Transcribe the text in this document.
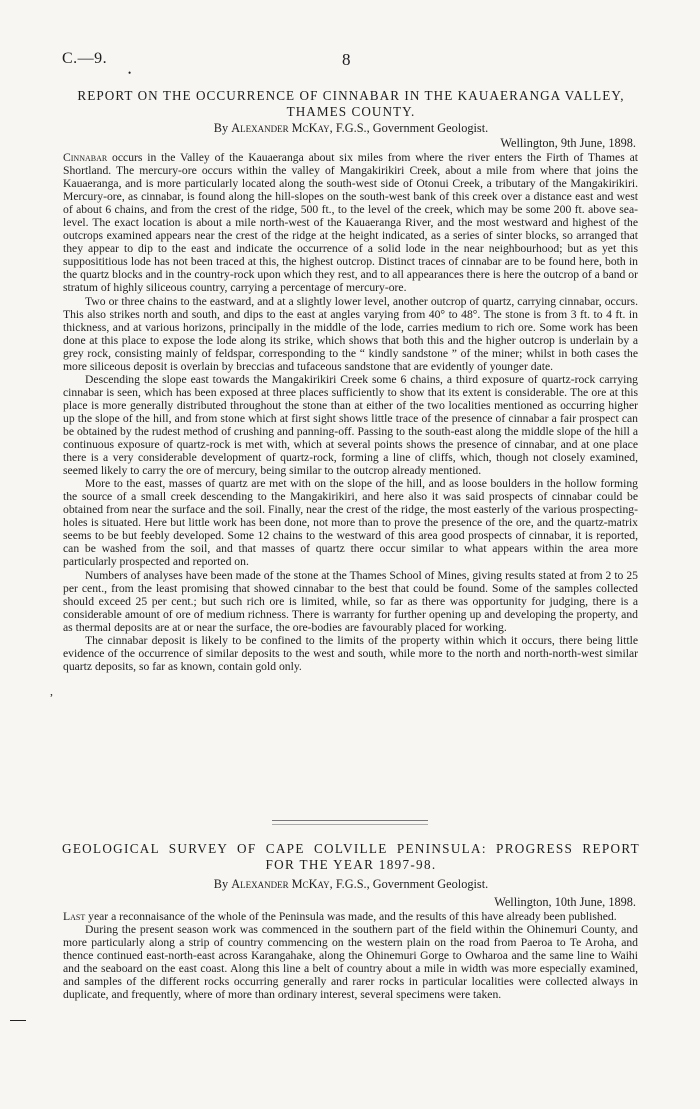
C.—9.	8
•
REPORT ON THE OCCURRENCE OF CINNABAR IN THE KAUAERANGA VALLEY, THAMES COUNTY.
By Alexander McKay, F.G.S., Government Geologist.
Wellington, 9th June, 1898.

Cinnabar occurs in the Valley of the Kauaeranga about six miles from where the river enters the Firth of Thames at Shortland. The mercury-ore occurs within the valley of Mangakirikiri Creek, about a mile from where that joins the Kauaeranga, and is more particularly located along the south-west side of Otonui Creek, a tributary of the Mangakirikiri. Mercury-ore, as cinnabar, is found along the hill-slopes on the south-west bank of this creek over a distance east and west of about 6 chains, and from the crest of the ridge, 500 ft., to the level of the creek, which may be some 200 ft. above sea-level. The exact location is about a mile north-west of the Kauaeranga River, and the most westward and highest of the outcrops examined appears near the crest of the ridge at the height indicated, as a series of sinter blocks, so arranged that they appear to dip to the east and indicate the occurrence of a solid lode in the near neighbourhood; but as yet this supposititious lode has not been traced at this, the highest outcrop. Distinct traces of cinnabar are to be found here, both in the quartz blocks and in the country-rock upon which they rest, and to all appearances there is here the outcrop of a band or stratum of highly siliceous country, carrying a percentage of mercury-ore.

Two or three chains to the eastward, and at a slightly lower level, another outcrop of quartz, carrying cinnabar, occurs. This also strikes north and south, and dips to the east at angles varying from 40° to 48°. The stone is from 3 ft. to 4 ft. in thickness, and at various horizons, principally in the middle of the lode, carries medium to rich ore. Some work has been done at this place to expose the lode along its strike, which shows that both this and the higher outcrop is underlain by a grey rock, consisting mainly of feldspar, corresponding to the “ kindly sandstone ” of the miner; whilst in both cases the more siliceous deposit is overlain by breccias and tufaceous sandstone that are evidently of younger date.

Descending the slope east towards the Mangakirikiri Creek some 6 chains, a third exposure of quartz-rock carrying cinnabar is seen, which has been exposed at three places sufficiently to show that its extent is considerable. The ore at this place is more generally distributed throughout the stone than at either of the two localities mentioned as occurring higher up the slope of the hill, and from stone which at first sight shows little trace of the presence of cinnabar a fair prospect can be obtained by the rudest method of crushing and panning-off. Passing to the south-east along the middle slope of the hill a continuous exposure of quartz-rock is met with, which at several points shows the presence of cinnabar, and at one place there is a very considerable development of quartz-rock, forming a line of cliffs, which, though not closely examined, seemed likely to carry the ore of mercury, being similar to the outcrop already mentioned.

More to the east, masses of quartz are met with on the slope of the hill, and as loose boulders in the hollow forming the source of a small creek descending to the Mangakirikiri, and here also it was said prospects of cinnabar could be obtained from near the surface and the soil. Finally, near the crest of the ridge, the most easterly of the various prospecting-holes is situated. Here but little work has been done, not more than to prove the presence of the ore, and the quartz-matrix seems to be but feebly developed. Some 12 chains to the westward of this area good prospects of cinnabar, it is reported, can be washed from the soil, and that masses of quartz there occur similar to what appears within the area more particularly prospected and reported on.

Numbers of analyses have been made of the stone at the Thames School of Mines, giving results stated at from 2 to 25 per cent., from the least promising that showed cinnabar to the best that could be found. Some of the samples collected should exceed 25 per cent.; but such rich ore is limited, while, so far as there was opportunity for judging, there is a considerable amount of ore of medium richness. There is warranty for further opening up and developing the property, and as thermal deposits are at or near the surface, the ore-bodies are favourably placed for working.

The cinnabar deposit is likely to be confined to the limits of the property within which it occurs, there being little evidence of the occurrence of similar deposits to the west and south, while more to the north and north-north-west similar quartz deposits, so far as known, contain gold only.

,
GEOLOGICAL SURVEY OF CAPE COLVILLE PENINSULA: PROGRESS REPORT FOR THE YEAR 1897-98.
By Alexander McKay, F.G.S., Government Geologist.
Wellington, 10th June, 1898.

Last year a reconnaisance of the whole of the Peninsula was made, and the results of this have already been published.

During the present season work was commenced in the southern part of the field within the Ohinemuri County, and more particularly along a strip of country commencing on the western plain on the road from Paeroa to Te Aroha, and thence continued east-north-east across Karangahake, along the Ohinemuri Gorge to Owharoa and the same line to Waihi and the seaboard on the east coast. Along this line a belt of country about a mile in width was more especially examined, and samples of the different rocks occurring generally and rarer rocks in particular localities were collected always in duplicate, and frequently, where of more than ordinary interest, several specimens were taken.
